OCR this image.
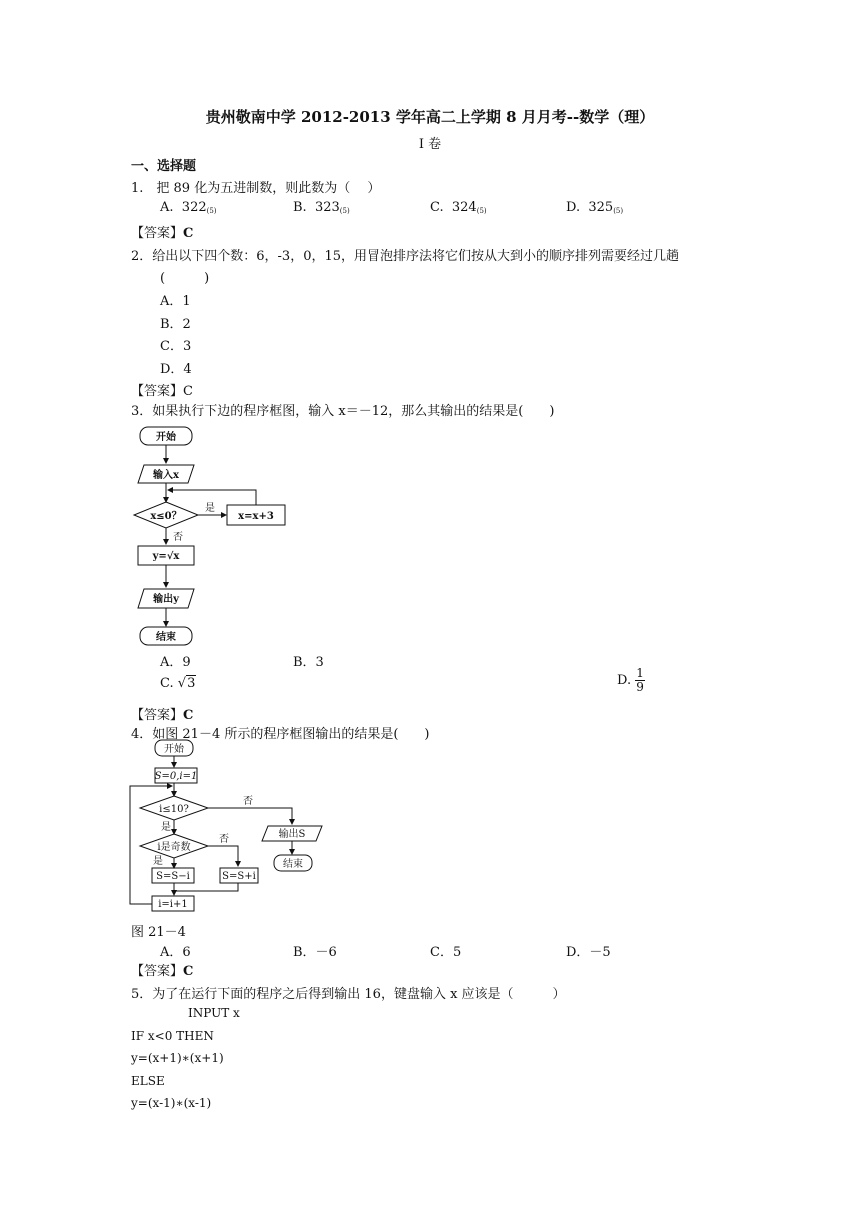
贵州敬南中学 2012-2013 学年高二上学期 8 月月考--数学（理）
I 卷
一、选择题
1.　把 89 化为五进制数，则此数为（　 ）
A. $322_{(5)}$	B. $323_{(5)}$	C. $324_{(5)}$	D. $325_{(5)}$
【答案】C
2．给出以下四个数：6，-3，0，15，用冒泡排序法将它们按从大到小的顺序排列需要经过几趟
(　　　)
A．1
B．2
C．3
D．4
【答案】C
3．如果执行下边的程序框图，输入 x＝－12，那么其输出的结果是(　　)
开始
输入x
x≤0？
是
x=x+3
否
y=√x
输出y
结束
A．9	B．3
C. √3	D. $\frac{1}{9}$
【答案】C
4．如图 21－4 所示的程序框图输出的结果是(　　)
开始
S=0,i=1
i≤10?
否
是
i是奇数
否
是
S=S−i	S=S+i
i=i+1
输出S
结束
图 21－4
A．6	B．－6	C．5	D．－5
【答案】C
5．为了在运行下面的程序之后得到输出 16，键盘输入 x 应该是（　　　）
INPUT x
IF x<0 THEN
y=(x+1)∗(x+1)
ELSE
y=(x-1)∗(x-1)
